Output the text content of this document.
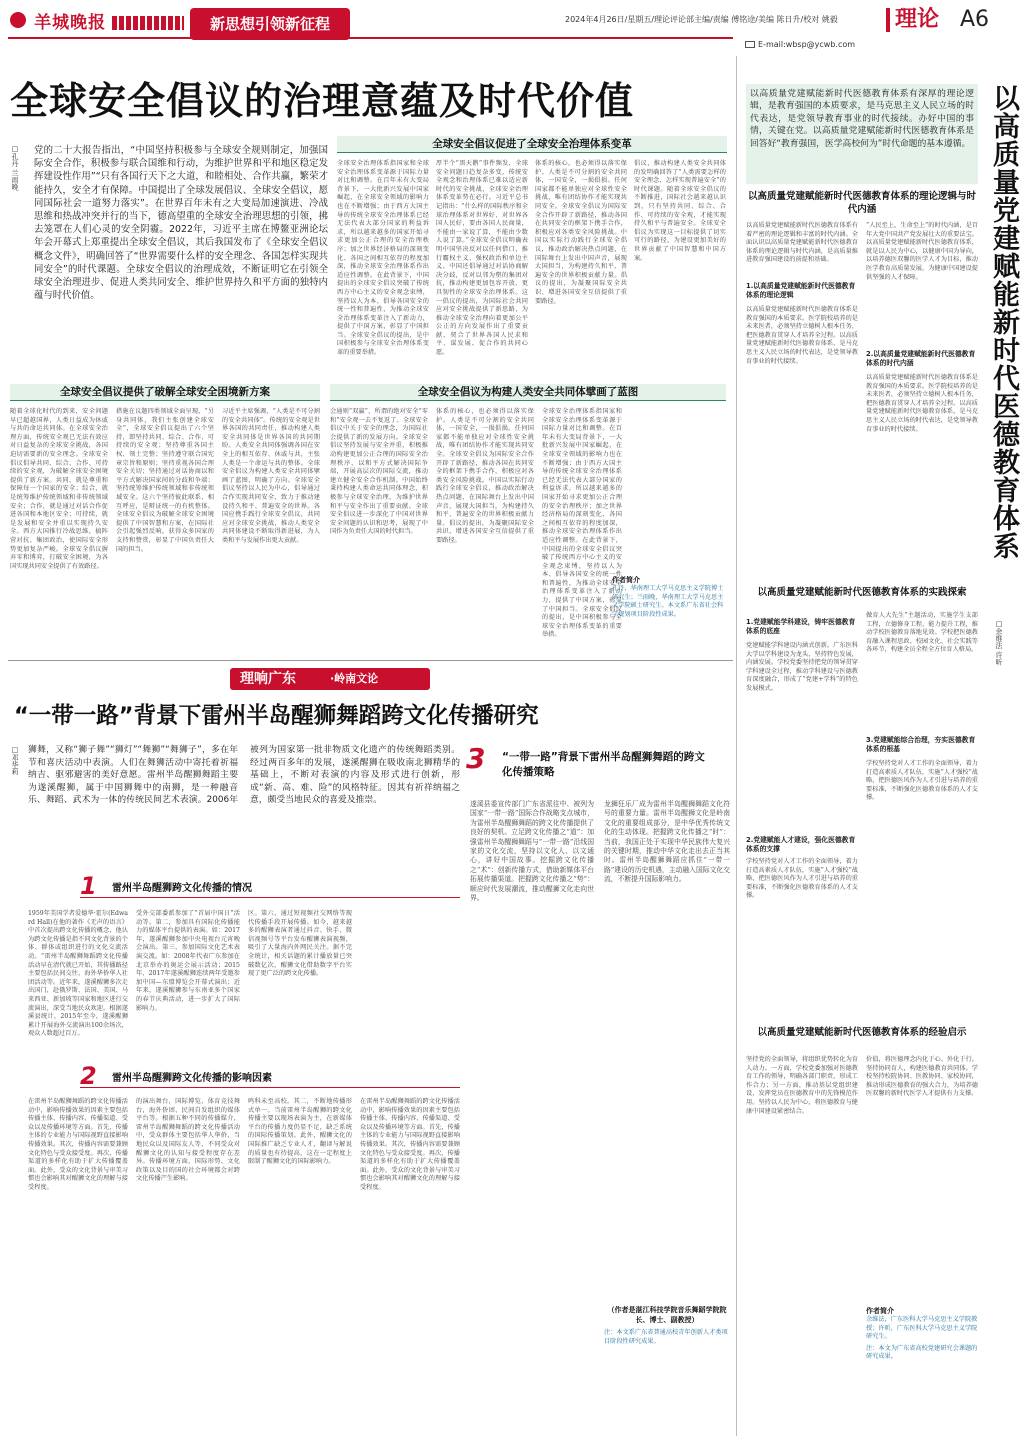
羊城晚报	新思想引领新征程	2024年4月26日/星期五/理论评论部主编/责编 傅铭途/美编 陈日升/校对 姚毅	理论 A6
E-mail:wbsp@ycwb.com
全球安全倡议的治理意蕴及时代价值
□孔丹 兰雨晚 党的二十大报告指出，“中国坚持积极参与全球安全规则制定，加强国际安全合作，积极参与联合国维和行动，为维护世界和平和地区稳定发挥建设性作用”“只有各国行天下之大道，和睦相处、合作共赢，繁荣才能持久，安全才有保障。中国提出了全球发展倡议、全球安全倡议，愿同国际社会一道努力落实”。在世界百年未有之大变局加速演进、冷战思维和热战冲突并行的当下，德高望重的全球安全治理思想的引领，拂去笼罩在人们心灵的安全阴霾。2022年，习近平主席在博鳌亚洲论坛年会开幕式上郑重提出全球安全倡议，其后我国发布了《全球安全倡议概念文件》，明确回答了“世界需要什么样的安全理念、各国怎样实现共同安全”的时代课题。全球安全倡议的治理成效，不断证明它在引领全球安全治理进步、促进人类共同安全、维护世界持久和平方面的独特内蕴与时代价值。
全球安全倡议促进了全球安全治理体系变革
全球安全治理体系指国家和全球安全治理体系变革源于国际力量对比和调整。在百年未有大变局背景下，一大批新兴发展中国家崛起，在全球安全领域的影响力也在不断增强；由于西方大国主导的传统全球安全治理体系已经无法代表大部分国家的利益诉求，所以越来越多的国家开始寻求更加公正合理的安全治理秩序；加之世界经济格局的深刻变化、各国之间相互依存的程度加深，推动全球安全治理体系作出适应性调整。在此背景下，中国提出的全球安全倡议突破了传统西方中心主义的安全观念束缚，坚持以人为本、倡导各国安全的统一性和普遍性，为推动全球安全治理体系变革注入了新动力，提供了中国方案，彰显了中国担当。全球安全倡议的提出，是中国积极参与全球安全治理体系变革的重要举措。
厚半个“黑天鹅”事件频发，全球安全问题日趋复杂多变，传统安全观念和治理体系已难以适应新时代的安全挑战，全球安全治理体系变革势在必行。习近平总书记指出：“什么样的国际秩序和全球治理体系对世界好、对世界各国人民好，要由各国人民商量，不能由一家说了算，不能由少数人说了算。”全球安全倡议明确表明中国坚决反对以任何借口，推行霸权主义、强权政治和单边主义。中国还倡导通过对话协商解决分歧，反对以邻为壑的集团对抗，推动构建更加包容开放、更具韧性的全球安全治理体系。这一倡议的提出，为国际社会共同应对安全挑战提供了新思路，为推动全球安全治理向着更加公平公正的方向发展作出了重要贡献，契合了世界各国人民求和平、谋发展、促合作的共同心愿。
体系的核心，也必须得以落实保护。人类是不可分割的安全共同体，一国安全，一损俱损。任何国家都不能单独应对全球性安全挑战，唯有团结协作才能实现共同安全。全球安全倡议为国际安全合作开辟了新路径，推动各国在共同安全的框架下携手合作，积极应对各类安全风险挑战。中国以实际行动践行全球安全倡议，推动政治解决热点问题，在国际舞台上发出中国声音，展现大国担当，为构建持久和平、普遍安全的世界积极贡献力量。倡议的提出，为凝聚国际安全共识、增进各国安全互信提供了重要路径。
倡议，推动构建人类安全共同体的发明确回答了“人类需要怎样的安全理念、怎样实现普遍安全”的时代课题。随着全球安全倡议的不断推进，国际社会越来越认识到，只有坚持共同、综合、合作、可持续的安全观，才能实现持久和平与普遍安全。全球安全倡议为实现这一目标提供了切实可行的路径，为建设更加美好的世界贡献了中国智慧和中国方案。
全球安全倡议提供了破解全球安全困境新方案	全球安全倡议为构建人类安全共同体擘画了蓝图
随着全球化时代的到来，安全问题早已超越国界，人类日益成为休戚与共的命运共同体。在全球安全治理方面，传统安全观已无法有效应对日益复杂的全球安全挑战，各国迫切需要新的安全理念。全球安全倡议倡导共同、综合、合作、可持续的安全观，为破解全球安全困境提供了新方案。共同，就是尊重和保障每一个国家的安全；综合，就是统筹维护传统领域和非传统领域安全；合作，就是通过对话合作促进各国和本地区安全；可持续，就是发展和安全并重以实现持久安全。西方大国推行冷战思维，搞阵营对抗、集团政治，使国际安全形势更加复杂严峻。全球安全倡议摒弃零和博弈，打破安全困境，为各国实现共同安全提供了有效路径。
措施在议题四类领域全面呈现，“另身共同体，我们主张创建全球安全”，全球安全倡议提出了六个坚持，即坚持共同、综合、合作、可持续的安全观；坚持尊重各国主权、领土完整；坚持遵守联合国宪章宗旨和原则；坚持重视各国合理安全关切；坚持通过对话协商以和平方式解决国家间的分歧和争端；坚持统筹维护传统领域和非传统领域安全。这六个坚持彼此联系、相互呼应，是辩证统一的有机整体。全球安全倡议为破解全球安全困境提供了中国智慧和方案，在国际社会引起强烈反响，获得众多国家的支持和赞赏，彰显了中国负责任大国的担当。
习近平主席强调，“人类是不可分割的安全共同体”。传统的安全观是世界各国的共同责任，推动构建人类安全共同体是世界各国的共同期盼。人类安全共同体强调各国在安全上的相互依存、休戚与共，主张人类是一个命运与共的整体。全球安全倡议为构建人类安全共同体擘画了蓝图，明确了方向。全球安全倡议坚持以人民为中心，倡导通过合作实现共同安全，致力于推动建设持久和平、普遍安全的世界。各国应携手践行全球安全倡议，共同应对全球安全挑战，推动人类安全共同体建设不断取得新进展，为人类和平与发展作出更大贡献。
会通则“双赢”，所谓的绝对安全“零和”安全观一去不复返了。全球安全倡议中关于安全的理念，为国际社会提供了新的发展方向。全球安全倡议坚持发展与安全并重，积极推动构建更加公正合理的国际安全治理秩序，以和平方式解决国际争端，开展高层次的国际交流，推动建立健全安全合作机制。中国始终秉持构建人类命运共同体理念，积极参与全球安全治理，为维护世界和平与安全作出了重要贡献。全球安全倡议进一步深化了中国对世界安全问题的认识和思考，展现了中国作为负责任大国的时代担当。
体系的核心，也必须得以落实保护。人类是不可分割的安全共同体，一国安全，一损俱损。任何国家都不能单独应对全球性安全挑战，唯有团结协作才能实现共同安全。全球安全倡议为国际安全合作开辟了新路径，推动各国在共同安全的框架下携手合作，积极应对各类安全风险挑战。中国以实际行动践行全球安全倡议，推动政治解决热点问题，在国际舞台上发出中国声音，展现大国担当，为构建持久和平、普遍安全的世界积极贡献力量。倡议的提出，为凝聚国际安全共识、增进各国安全互信提供了重要路径。
全球安全治理体系指国家和全球安全治理体系变革源于国际力量对比和调整。在百年未有大变局背景下，一大批新兴发展中国家崛起，在全球安全领域的影响力也在不断增强；由于西方大国主导的传统全球安全治理体系已经无法代表大部分国家的利益诉求，所以越来越多的国家开始寻求更加公正合理的安全治理秩序；加之世界经济格局的深刻变化、各国之间相互依存的程度加深，推动全球安全治理体系作出适应性调整。在此背景下，中国提出的全球安全倡议突破了传统西方中心主义的安全观念束缚，坚持以人为本、倡导各国安全的统一性和普遍性，为推动全球安全治理体系变革注入了新动力，提供了中国方案，彰显了中国担当。全球安全倡议的提出，是中国积极参与全球安全治理体系变革的重要举措。
作者简介
孔丹，华南理工大学马克思主义学院博士研究生；兰雨晚，华南理工大学马克思主义学院硕士研究生。本文系广东省社会科学规划项目阶段性成果。
理响广东	·岭南文论
“一带一路”背景下雷州半岛醒狮舞蹈跨文化传播研究
□邓华莉 狮舞，又称“狮子舞”“狮灯”“舞狮”“舞狮子”，多在年节和喜庆活动中表演。人们在舞狮活动中寄托着祈福纳吉、驱邪避害的美好意愿。雷州半岛醒狮舞蹈主要为遂溪醒狮，属于中国狮舞中的南狮，是一种融音乐、舞蹈、武术为一体的传统民间艺术表演。2006年被列为国家第一批非物质文化遗产的传统舞蹈类别。经过两百多年的发展，遂溪醒狮在吸收南北狮精华的基础上，不断对表演的内容及形式进行创新，形成“新、高、难、险”的风格特征。因其有祈祥纳福之意，颇受当地民众的喜爱及推崇。
1 雷州半岛醒狮跨文化传播的情况
1959年美国学者爱德华·霍尔(Edward Hall)在他的著作《无声的语言》中首次提出跨文化传播的概念，他认为跨文化传播是指不同文化背景的个体、群体或组织进行的文化交流活动。“雷州半岛醒狮舞蹈跨文化传播活动早在清代就已开始，其传播路径主要包括民间交往、海外华侨华人社团活动等。近年来，遂溪醒狮多次走出国门，赴俄罗斯、法国、美国、马来西亚、新加坡等国家和地区进行交流演出，深受当地民众欢迎。根据遂溪县统计，2015年至今，遂溪醒狮累计开展海外交流演出100余场次，观众人数超过百万。
受外交部委派参加了“首届中国日”活动等。第二，参加具有国际化传播能力的媒体平台提供的表演。如：2017年，遂溪醒狮参加中央电视台元宵晚会演出。第三，参加国际文化艺术表演交流。如：2008年代表广东参加在北京举办的奥运会展示活动；2015年、2017年遂溪醒狮连续两年受邀参加中国—东盟博览会开幕式演出；近年来，遂溪醒狮参与东南亚多个国家的春节庆典活动，进一步扩大了国际影响力。
区。第六，通过短视频社交网络等现代传播手段开展传播。如今，越来越多的醒狮表演者通过抖音、快手、微信视频号等平台发布醒狮表演视频，吸引了大量海内外网民关注。据不完全统计，相关话题的累计播放量已突破数亿次，醒狮文化借助数字平台实现了更广泛的跨文化传播。
2 雷州半岛醒狮跨文化传播的影响因素
在雷州半岛醒狮舞蹈的跨文化传播活动中，影响传播效果的因素主要包括传播主体、传播内容、传播渠道、受众以及传播环境等方面。首先，传播主体的专业能力与国际视野直接影响传播效果。其次，传播内容需要兼顾文化特色与受众接受度。再次，传播渠道的多样化有助于扩大传播覆盖面。此外，受众的文化背景与审美习惯也会影响其对醒狮文化的理解与接受程度。
的演出舞台，国际博览、体育竞技舞台，海外侨团、民间自发组织的媒体平台等。根据五种不同的传播媒介，雷州半岛醒狮舞蹈的跨文化传播活动中，受众群体主要包括华人华侨、当地民众以及国际友人等，不同受众对醒狮文化的认知与接受程度存在差异。传播环境方面，国际形势、文化政策以及目的国的社会环境都会对跨文化传播产生影响。
鸣科未至高校。其二，不断地传播形式单一。当前雷州半岛醒狮的跨文化传播主要以现场表演为主，在新媒体平台的传播力度仍显不足，缺乏系统的国际传播策划。此外，醒狮文化的国际推广缺乏专业人才，翻译与解说的质量也有待提高，这在一定程度上限制了醒狮文化的国际影响力。
在雷州半岛醒狮舞蹈的跨文化传播活动中，影响传播效果的因素主要包括传播主体、传播内容、传播渠道、受众以及传播环境等方面。首先，传播主体的专业能力与国际视野直接影响传播效果。其次，传播内容需要兼顾文化特色与受众接受度。再次，传播渠道的多样化有助于扩大传播覆盖面。此外，受众的文化背景与审美习惯也会影响其对醒狮文化的理解与接受程度。
3 “一带一路”背景下雷州半岛醒狮舞蹈的跨文化传播策略
遂溪县委宣传部门广东省派往中、被列为国家“一带一路”国际合作战略支点城市，为雷州半岛醒狮舞蹈的跨文化传播提供了良好的契机。立足跨文化传播之“道”：加强雷州半岛醒狮舞蹈与“一带一路”沿线国家的文化交流，坚持以文化人、以文通心，讲好中国故事。挖掘跨文化传播之“术”：创新传播方式，借助新媒体平台拓展传播渠道。把握跨文化传播之“势”：顺应时代发展潮流，推动醒狮文化走向世界。
龙狮狂乐厂成为雷州半岛醒狮舞蹈文化符号的重要力量。雷州半岛醒狮文化是岭南文化的重要组成部分，是中华优秀传统文化的生动体现。把握跨文化传播之“时”：当前，我国正处于实现中华民族伟大复兴的关键时期，推动中华文化走出去正当其时。雷州半岛醒狮舞蹈应抓住“一带一路”建设的历史机遇，主动融入国际文化交流，不断提升国际影响力。
（作者是湛江科技学院音乐舞蹈学院院长、博士、副教授）
注：本文系广东省普通高校青年创新人才类项目阶段性研究成果。
以高质量党建赋能新时代医德教育体系有深厚的理论逻辑，是教育强国的本质要求，是马克思主义人民立场的时代表达，是党领导教育事业的时代接续。办好中国的事情，关键在党。以高质量党建赋能新时代医德教育体系是回答好“教育强国，医学高校何为”时代命题的基本遵循。 以高质量党建赋能新时代医德教育体系
□余维法 许昕
以高质量党建赋能新时代医德教育体系的理论逻辑与时代内涵
以高质量党建赋能新时代医德教育体系有着严密的理论逻辑和丰富的时代内涵。全面认识以高质量党建赋能新时代医德教育体系的理论逻辑与时代内涵，是高质量推进教育强国建设的前提和基础。
1.以高质量党建赋能新时代医德教育体系的理论逻辑
以高质量党建赋能新时代医德教育体系是教育强国的本质要求。医学院校培养的是未来医者，必须坚持立德树人根本任务，把医德教育贯穿人才培养全过程。以高质量党建赋能新时代医德教育体系，是马克思主义人民立场的时代表达，是党领导教育事业的时代接续。
“人民至上，生命至上”的时代内涵，是百年大党中国共产党发展壮大的重要法宝。以高质量党建赋能新时代医德教育体系，就是以人民为中心，以健康中国为导向，以培养德医双馨的医学人才为目标，推动医学教育高质量发展，为健康中国建设提供坚强的人才保障。
2.以高质量党建赋能新时代医德教育体系的时代内涵
以高质量党建赋能新时代医德教育体系是教育强国的本质要求。医学院校培养的是未来医者，必须坚持立德树人根本任务，把医德教育贯穿人才培养全过程。以高质量党建赋能新时代医德教育体系，是马克思主义人民立场的时代表达，是党领导教育事业的时代接续。
以高质量党建赋能新时代医德教育体系的实践探索
1.党建赋能学科建设，铸牢医德教育体系的底座
党建赋能学科建设内涵式创新。广东医科大学以学科建设为龙头，坚持特色发展，内涵发展。学校党委坚持把党的领导贯穿学科建设全过程，推动学科建设与医德教育深度融合，形成了“党建+学科”的特色发展模式。
2.党建赋能人才建设，强化医德教育体系的支撑
学校坚持党对人才工作的全面领导，着力打造高素质人才队伍，实施“人才强校”战略，把医德医风作为人才引进与培养的重要标准，不断强化医德教育体系的人才支撑。
做育人大先生”主题活动，实施学生支部工程，立德修身工程、能力提升工程，推动学校医德教育落地见效。学校把医德教育融入课程思政、校园文化、社会实践等各环节，构建全员全程全方位育人格局。
3.党建赋能综合治理，夯实医德教育体系的根基
学校坚持党对人才工作的全面领导，着力打造高素质人才队伍，实施“人才强校”战略，把医德医风作为人才引进与培养的重要标准，不断强化医德教育体系的人才支撑。
以高质量党建赋能新时代医德教育体系的经验启示
坚持党的全面领导，将组织优势转化为育人动力。一方面，学校党委加强对医德教育工作的领导，明确各部门职责，形成工作合力；另一方面，推动基层党组织建设，发挥党员在医德教育中的先锋模范作用。坚持以人民为中心，将医德教育与健康中国建设紧密结合。
价值，将医德理念内化于心、外化于行。坚持协同育人，构建医德教育共同体。学校坚持校院协同、医教协同、家校协同，推动形成医德教育的强大合力，为培养德医双馨的新时代医学人才提供有力支撑。
作者简介
余维法，广东医科大学马克思主义学院教授；许昕，广东医科大学马克思主义学院研究生。
注：本文为广东省高校党建研究会课题的研究成果。
